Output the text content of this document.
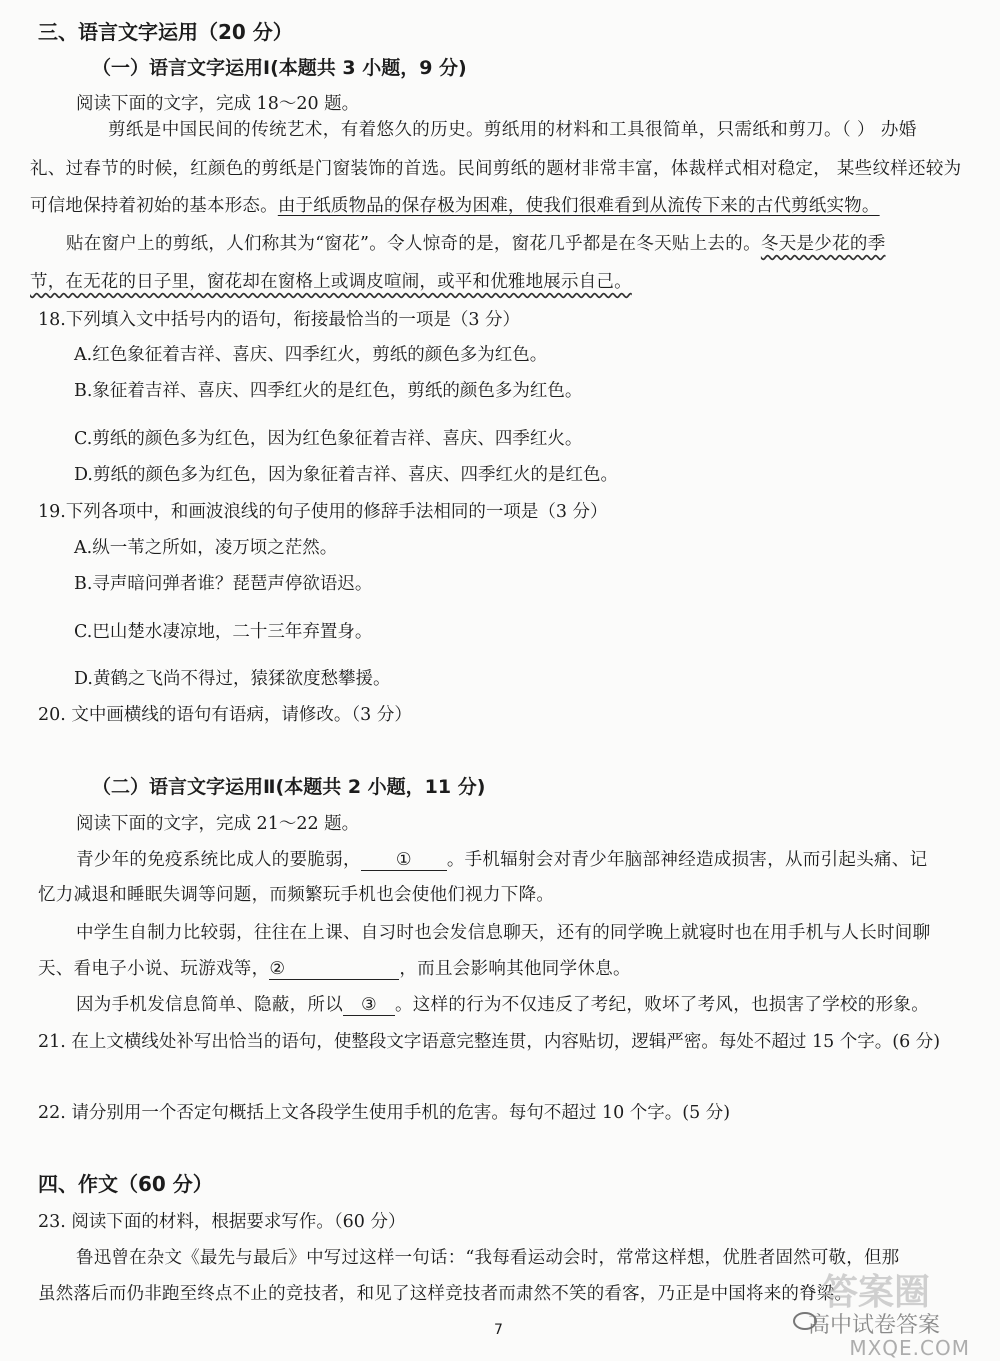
三、语言文字运用（20 分）
（一）语言文字运用Ⅰ(本题共 3 小题，9 分)
阅读下面的文字，完成 18～20 题。
剪纸是中国民间的传统艺术，有着悠久的历史。剪纸用的材料和工具很简单，只需纸和剪刀。（ ） 办婚
礼、过春节的时候，红颜色的剪纸是门窗装饰的首选。民间剪纸的题材非常丰富，体裁样式相对稳定， 某些纹样还较为
可信地保持着初始的基本形态。由于纸质物品的保存极为困难，使我们很难看到从流传下来的古代剪纸实物。
贴在窗户上的剪纸，人们称其为“窗花”。令人惊奇的是，窗花几乎都是在冬天贴上去的。冬天是少花的季
节，在无花的日子里，窗花却在窗格上或调皮喧闹，或平和优雅地展示自己。
18.下列填入文中括号内的语句，衔接最恰当的一项是（3 分）
A.红色象征着吉祥、喜庆、四季红火，剪纸的颜色多为红色。
B.象征着吉祥、喜庆、四季红火的是红色，剪纸的颜色多为红色。
C.剪纸的颜色多为红色，因为红色象征着吉祥、喜庆、四季红火。
D.剪纸的颜色多为红色，因为象征着吉祥、喜庆、四季红火的是红色。
19.下列各项中，和画波浪线的句子使用的修辞手法相同的一项是（3 分）
A.纵一苇之所如，凌万顷之茫然。
B.寻声暗问弹者谁？琵琶声停欲语迟。
C.巴山楚水凄凉地，二十三年弃置身。
D.黄鹤之飞尚不得过，猿猱欲度愁攀援。
20. 文中画横线的语句有语病，请修改。（3 分）
（二）语言文字运用Ⅱ(本题共 2 小题，11 分)
阅读下面的文字，完成 21～22 题。
青少年的免疫系统比成人的要脆弱， ① 。手机辐射会对青少年脑部神经造成损害，从而引起头痛、记
忆力减退和睡眠失调等问题，而频繁玩手机也会使他们视力下降。
中学生自制力比较弱，往往在上课、自习时也会发信息聊天，还有的同学晚上就寝时也在用手机与人长时间聊
天、看电子小说、玩游戏等，②	，而且会影响其他同学休息。
因为手机发信息简单、隐蔽，所以 ③ 。这样的行为不仅违反了考纪，败坏了考风，也损害了学校的形象。
21. 在上文横线处补写出恰当的语句，使整段文字语意完整连贯，内容贴切，逻辑严密。每处不超过 15 个字。(6 分)
22. 请分别用一个否定句概括上文各段学生使用手机的危害。每句不超过 10 个字。(5 分)
四、作文（60 分）
23. 阅读下面的材料，根据要求写作。（60 分）
鲁迅曾在杂文《最先与最后》中写过这样一句话：“我每看运动会时，常常这样想，优胜者固然可敬，但那
虽然落后而仍非跑至终点不止的竞技者，和见了这样竞技者而肃然不笑的看客，乃正是中国将来的脊梁。
7
答案圈
高中试卷答案
MXQE.COM
